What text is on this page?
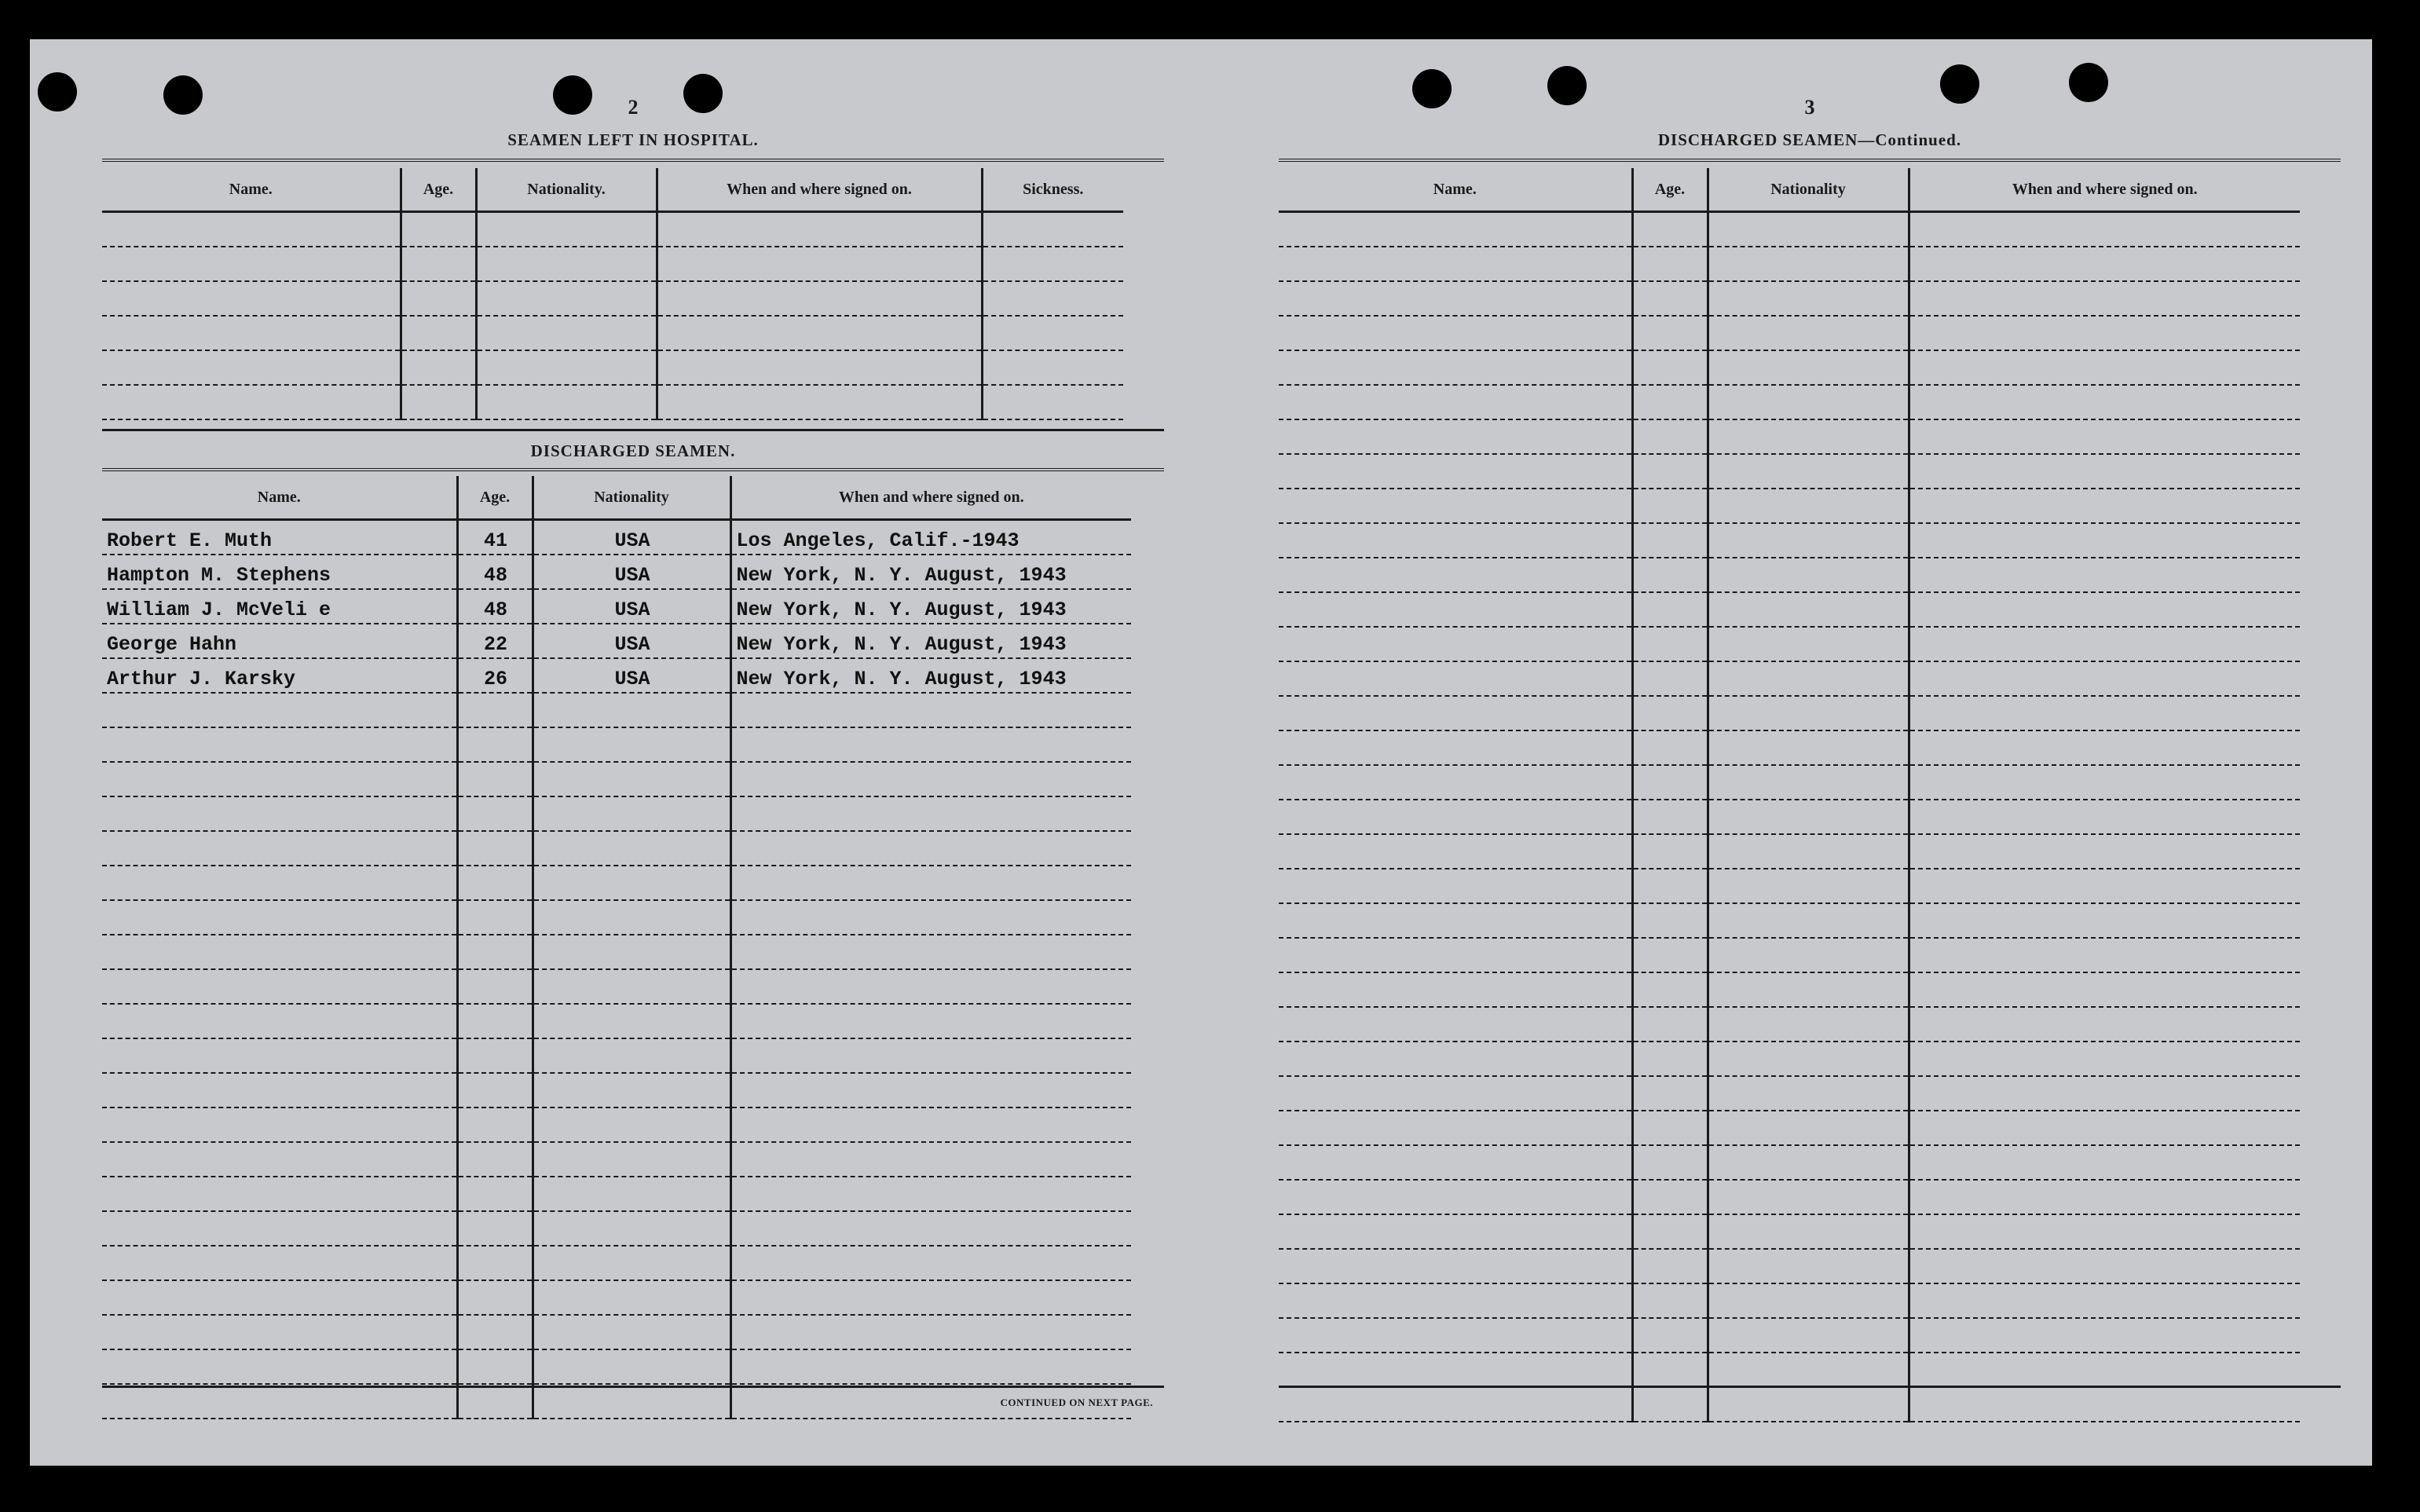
2
SEAMEN LEFT IN HOSPITAL.
Name.	Age.	Nationality.	When and where signed on.	Sickness.

DISCHARGED SEAMEN.
Name.	Age.	Nationality	When and where signed on.
Robert E. Muth	41	USA	Los Angeles, Calif.-1943
Hampton M. Stephens	48	USA	New York, N. Y. August, 1943
William J. McVeli e	48	USA	New York, N. Y. August, 1943
George Hahn	22	USA	New York, N. Y. August, 1943
Arthur J. Karsky	26	USA	New York, N. Y. August, 1943

CONTINUED ON NEXT PAGE.
3
DISCHARGED SEAMEN—Continued.
Name.	Age.	Nationality	When and where signed on.
